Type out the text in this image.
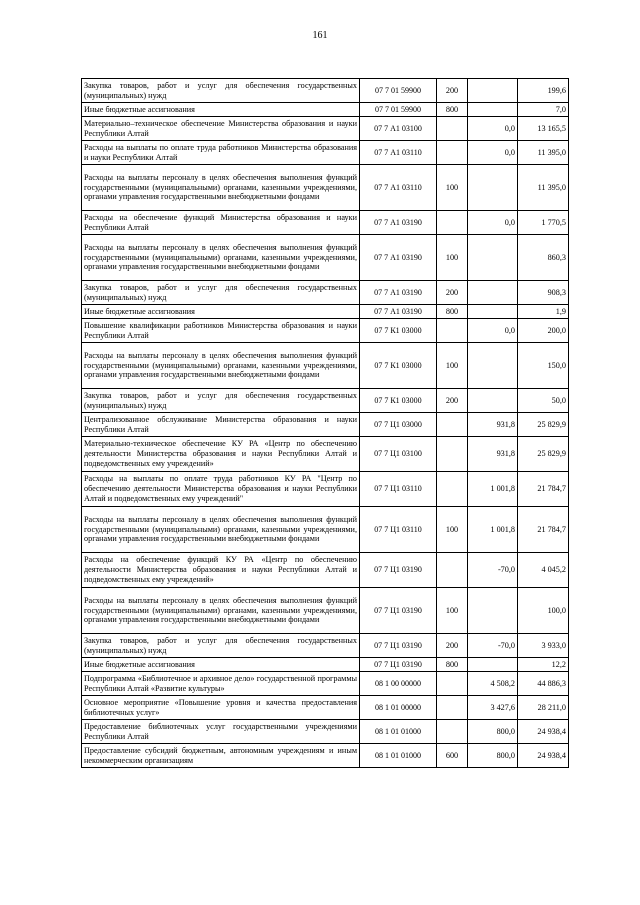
161
Закупка товаров, работ и услуг для обеспечения государственных (муниципальных) нужд	07 7 01 59900	200		199,6
Иные бюджетные ассигнования	07 7 01 59900	800		7,0
Материально–техническое обеспечение Министерства образования и науки Республики Алтай	07 7 А1 03100		0,0	13 165,5
Расходы на выплаты по оплате труда работников Министерства образования и науки Республики Алтай	07 7 А1 03110		0,0	11 395,0
Расходы на выплаты персоналу в целях обеспечения выполнения функций государственными (муниципальными) органами, казенными учреждениями, органами управления государственными внебюджетными фондами	07 7 А1 03110	100		11 395,0
Расходы на обеспечение функций Министерства образования и науки Республики Алтай	07 7 А1 03190		0,0	1 770,5
Расходы на выплаты персоналу в целях обеспечения выполнения функций государственными (муниципальными) органами, казенными учреждениями, органами управления государственными внебюджетными фондами	07 7 А1 03190	100		860,3
Закупка товаров, работ и услуг для обеспечения государственных (муниципальных) нужд	07 7 А1 03190	200		908,3
Иные бюджетные ассигнования	07 7 А1 03190	800		1,9
Повышение квалификации работников Министерства образования и науки Республики Алтай	07 7 К1 03000		0,0	200,0
Расходы на выплаты персоналу в целях обеспечения выполнения функций государственными (муниципальными) органами, казенными учреждениями, органами управления государственными внебюджетными фондами	07 7 К1 03000	100		150,0
Закупка товаров, работ и услуг для обеспечения государственных (муниципальных) нужд	07 7 К1 03000	200		50,0
Централизованное обслуживание Министерства образования и науки Республики Алтай	07 7 Ц1 03000		931,8	25 829,9
Материально-техническое обеспечение КУ РА «Центр по обеспечению деятельности Министерства образования и науки Республики Алтай и подведомственных ему учреждений»	07 7 Ц1 03100		931,8	25 829,9
Расходы на выплаты по оплате труда работников КУ РА "Центр по обеспечению деятельности Министерства образования и науки Республики Алтай и подведомственных ему учреждений"	07 7 Ц1 03110		1 001,8	21 784,7
Расходы на выплаты персоналу в целях обеспечения выполнения функций государственными (муниципальными) органами, казенными учреждениями, органами управления государственными внебюджетными фондами	07 7 Ц1 03110	100	1 001,8	21 784,7
Расходы на обеспечение функций КУ РА «Центр по обеспечению деятельности Министерства образования и науки Республики Алтай и подведомственных ему учреждений»	07 7 Ц1 03190		-70,0	4 045,2
Расходы на выплаты персоналу в целях обеспечения выполнения функций государственными (муниципальными) органами, казенными учреждениями, органами управления государственными внебюджетными фондами	07 7 Ц1 03190	100		100,0
Закупка товаров, работ и услуг для обеспечения государственных (муниципальных) нужд	07 7 Ц1 03190	200	-70,0	3 933,0
Иные бюджетные ассигнования	07 7 Ц1 03190	800		12,2
Подпрограмма «Библиотечное и архивное дело» государственной программы Республики Алтай «Развитие культуры»	08 1 00 00000		4 508,2	44 886,3
Основное мероприятие «Повышение уровня и качества предоставления библиотечных услуг»	08 1 01 00000		3 427,6	28 211,0
Предоставление библиотечных услуг государственными учреждениями Республики Алтай	08 1 01 01000		800,0	24 938,4
Предоставление субсидий бюджетным, автономным учреждениям и иным некоммерческим организациям	08 1 01 01000	600	800,0	24 938,4
